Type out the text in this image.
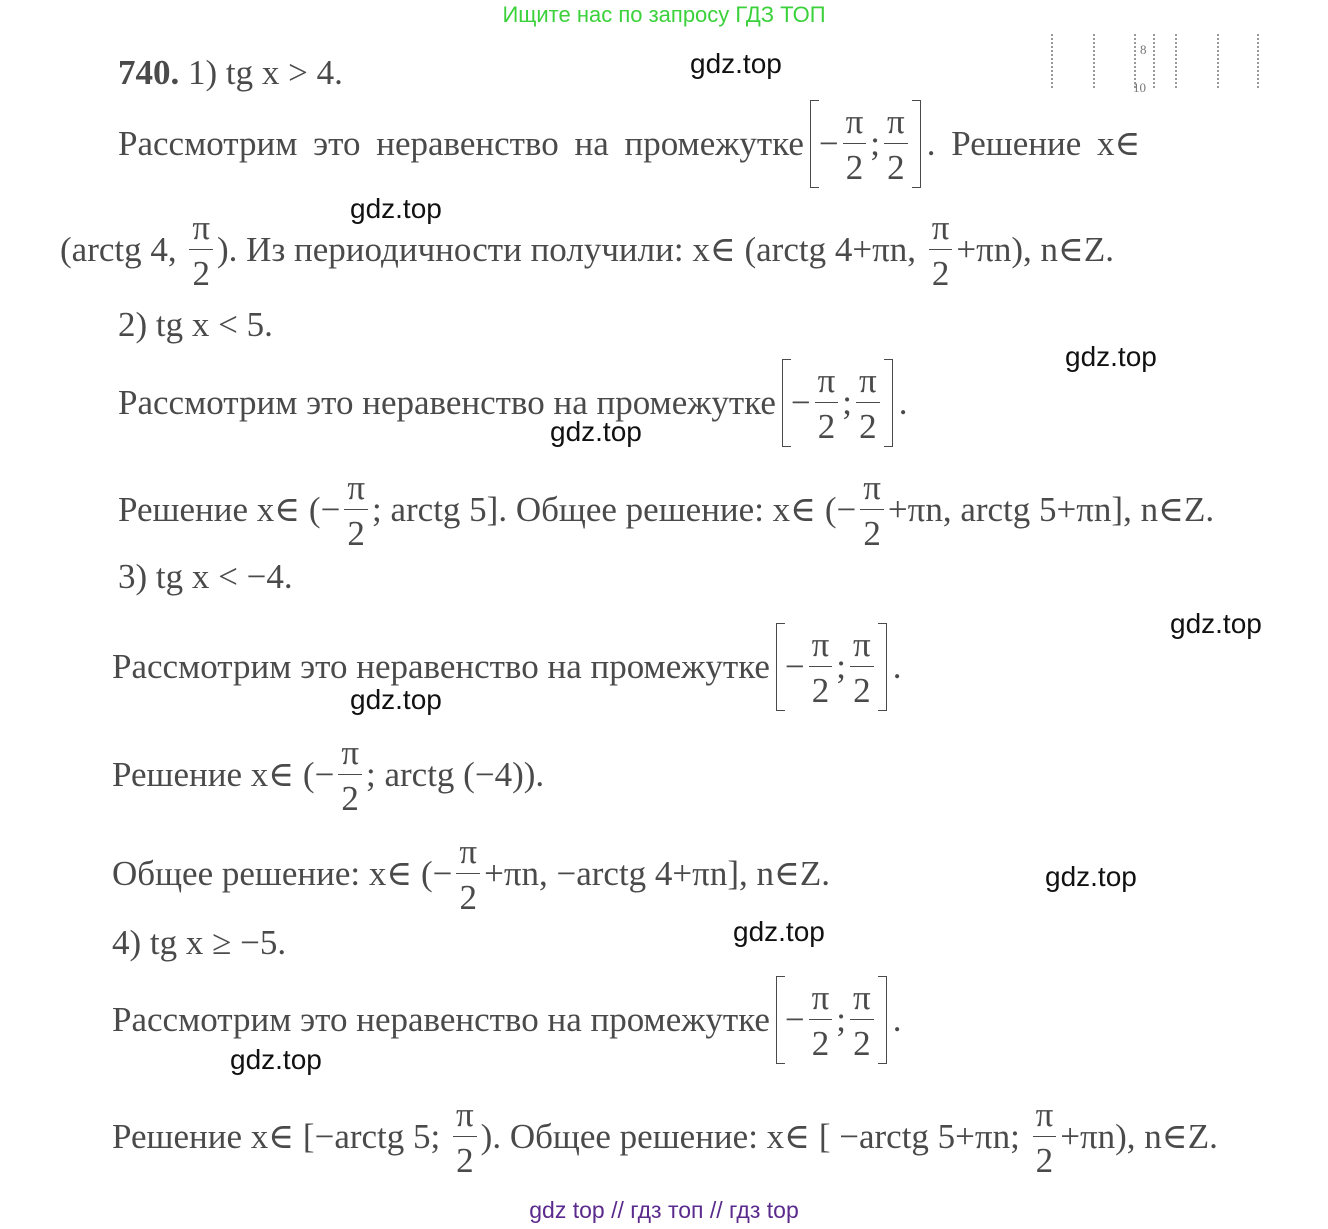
Ищите нас по запросу ГДЗ ТОП
8
10
740. 1) tg x > 4.
Рассмотрим это неравенство на промежутке − $\frac{\pi}{2}$ ; $\frac{\pi}{2}$ . Решение x∈
(arctg 4, $\frac{\pi}{2}$ ). Из периодичности получили: x∈ (arctg 4+πn, $\frac{\pi}{2} +\pi n$), n∈Z.
2) tg x < 5.
Рассмотрим это неравенство на промежутке − $\frac{\pi}{2}$ ; $\frac{\pi}{2}$ .
Решение x∈ (− $\frac{\pi}{2}$ ; arctg 5]. Общее решение: x∈ (− $\frac{\pi}{2} +\pi n$, arctg 5+πn], n∈Z.
3) tg x < −4.
Рассмотрим это неравенство на промежутке − $\frac{\pi}{2}$ ; $\frac{\pi}{2}$ .
Решение x∈ (− $\frac{\pi}{2}$ ; arctg (−4)).
Общее решение: x∈ (− $\frac{\pi}{2} +\pi n$, −arctg 4+πn], n∈Z.
4) tg x ≥ −5.
Рассмотрим это неравенство на промежутке − $\frac{\pi}{2}$ ; $\frac{\pi}{2}$ .
Решение x∈ [−arctg 5; $\frac{\pi}{2}$ ). Общее решение: x∈ [ −arctg 5+πn; $\frac{\pi}{2} +\pi n$), n∈Z.
gdz.top
gdz.top
gdz.top
gdz.top
gdz.top
gdz.top
gdz.top
gdz.top
gdz.top
gdz top // гдз топ // гдз top
